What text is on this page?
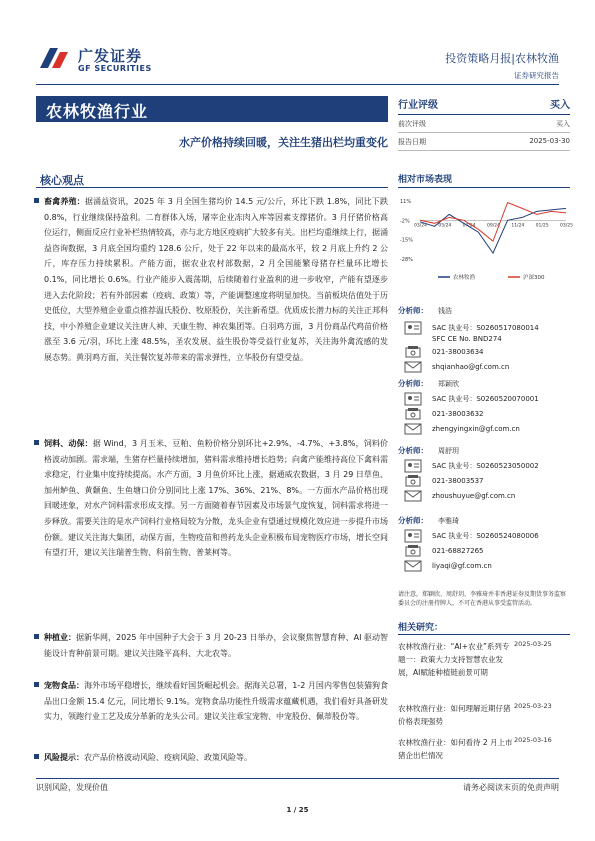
广发证券
GF SECURITIES
投资策略月报|农林牧渔
证券研究报告
农林牧渔行业
水产价格持续回暖，关注生猪出栏均重变化
行业评级	买入
前次评级	买入
报告日期	2025-03-30
核心观点
畜禽养殖：据涌益资讯，2025 年 3 月全国生猪均价 14.5 元/公斤，环比下跌 1.8%，同比下跌 0.8%，行业继续保持盈利。二育群体入场，屠宰企业冻肉入库等因素支撑猪价。3 月仔猪价格高位运行，侧面反应行业补栏热情较高，亦与北方地区疫病扩大较多有关。出栏均重继续上行，据涌益咨询数据，3 月底全国均重约 128.6 公斤，处于 22 年以来的最高水平，较 2 月底上升约 2 公斤，库存压力持续累积。产能方面，据农业农村部数据，2 月全国能繁母猪存栏量环比增长 0.1%，同比增长 0.6%。行业产能步入震荡期，后续随着行业盈利的进一步收窄，产能有望逐步进入去化阶段；若有外部因素（疫病、政策）等，产能调整速度将明显加快。当前板块估值处于历史低位，大型养殖企业重点推荐温氏股份、牧原股份，关注新希望。优质成长潜力标的关注正邦科技，中小养殖企业建议关注唐人神、天康生物、神农集团等。白羽鸡方面，3 月份商品代鸡苗价格涨至 3.6 元/羽，环比上涨 48.5%，圣农发展、益生股份等受益行业复苏，关注海外禽流感的发展态势。黄羽鸡方面，关注餐饮复苏带来的需求弹性，立华股份有望受益。
饲料、动保：据 Wind，3 月玉米、豆粕、鱼粉价格分别环比+2.9%、-4.7%、+3.8%，饲料价格波动加剧。需求端，生猪存栏量持续增加，猪料需求维持增长趋势；向禽产能维持高位下禽料需求稳定，行业集中度持续提高。水产方面，3 月鱼价环比上涨，据通威农数据，3 月 29 日草鱼、加州鲈鱼、黄颡鱼、生鱼塘口价分别同比上涨 17%、36%、21%、8%。一方面水产品价格出现回暖迹象，对水产饲料需求形成支撑。另一方面随着春节因素及市场景气度恢复，饲料需求将进一步释放。需要关注的是水产饲料行业格局较为分散，龙头企业有望通过规模化效应进一步提升市场份额。建议关注海大集团，动保方面，生物疫苗和兽药龙头企业积极布局宠物医疗市场，增长空间有望打开，建议关注瑞普生物、科前生物、普莱柯等。
种植业：据新华网，2025 年中国种子大会于 3 月 20-23 日举办，会议聚焦智慧育种、AI 驱动智能设计育种前景可期。建议关注隆平高科、大北农等。
宠物食品：海外市场平稳增长，继续看好国货崛起机会。据海关总署，1-2 月国内零售包装猫狗食品出口金额 15.4 亿元，同比增长 9.1%。宠物食品功能性升级需求蕴藏机遇，我们看好具备研发实力，领跑行业工艺及成分革新的龙头公司。建议关注乖宝宠物、中宠股份、佩蒂股份等。
风险提示：农产品价格波动风险、疫病风险、政策风险等。
相对市场表现
11%
-2%
-15%
-28%
03/24	05/24	07/24	09/24	11/24	01/25	03/25
农林牧渔	沪深300
分析师：	钱浩
SAC 执业号：S0260517080014
SFC CE No. BND274
021-38003634
shqianhao@gf.com.cn
分析师：	郑颖欣
SAC 执业号：S0260520070001
021-38003632
zhengyingxin@gf.com.cn
分析师：	周舒玥
SAC 执业号：S0260523050002
021-38003537
zhoushuyue@gf.com.cn
分析师：	李雅琦
SAC 执业号：S0260524080006
021-68827265
liyaqi@gf.com.cn
请注意，郑颖欣、周舒玥、李雅琦并非香港证券及期货事务监察委员会的注册持牌人，不可在香港从事受监管活动。
相关研究：
农林牧渔行业：“AI+农业”系列专题一：政策大力支持智慧农业发展，AI赋能种植链前景可期
2025-03-25
农林牧渔行业：如何理解近期仔猪价格表现强势
2025-03-23
农林牧渔行业：如何看待 2 月上市猪企出栏情况
2025-03-16
识别风险，发现价值	请务必阅读末页的免责声明
1 / 25
